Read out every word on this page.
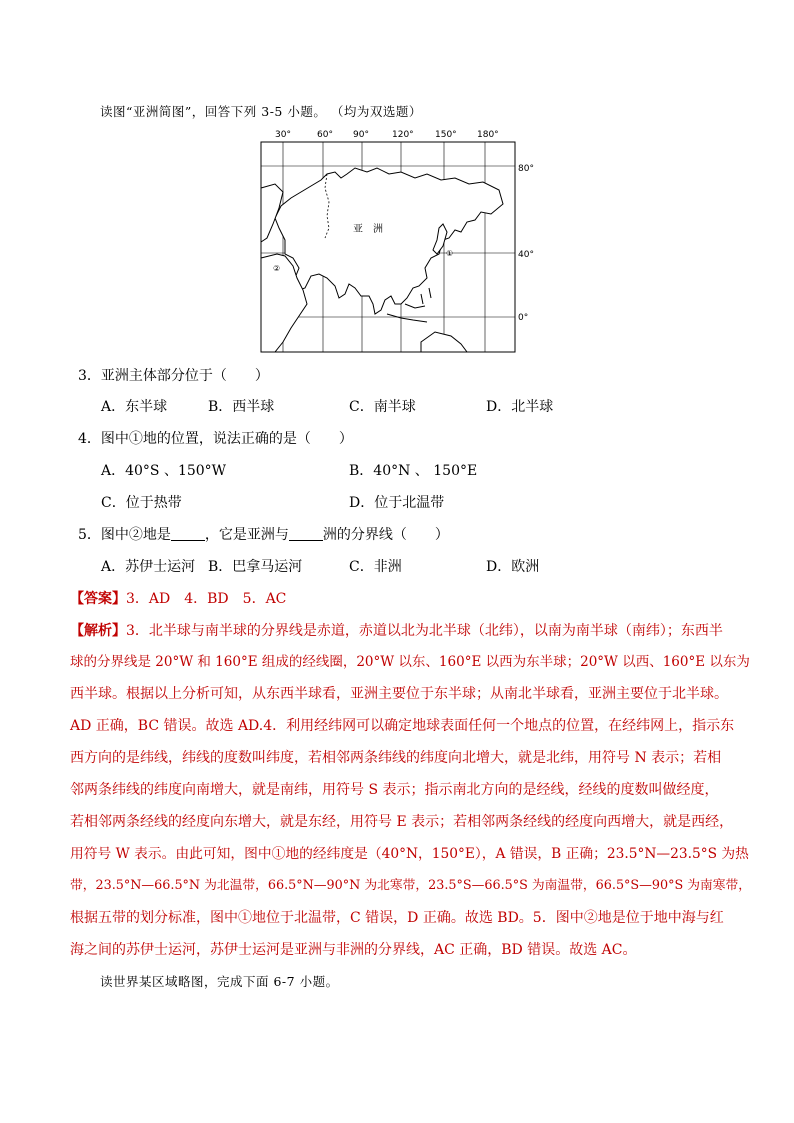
读图“亚洲简图”，回答下列 3-5 小题。 （均为双选题）
30°	60° 90°	120° 150° 180°
80°
40°
0°
亚　洲
①
②
3．亚洲主体部分位于（　　）
A．东半球	B．西半球	C．南半球	D．北半球
4．图中①地的位置，说法正确的是（　　）
A．40°S 、150°W	B．40°N 、 150°E
C．位于热带	D．位于北温带
5．图中②地是 ，它是亚洲与 洲的分界线（　　）
A．苏伊士运河 B．巴拿马运河	C．非洲	D．欧洲
【答案】3．AD　4．BD　5．AC
【解析】3．北半球与南半球的分界线是赤道，赤道以北为北半球（北纬），以南为南半球（南纬）；东西半
球的分界线是 20°W 和 160°E 组成的经线圈，20°W 以东、160°E 以西为东半球；20°W 以西、160°E 以东为
西半球。根据以上分析可知，从东西半球看，亚洲主要位于东半球；从南北半球看，亚洲主要位于北半球。
AD 正确，BC 错误。故选 AD.4．利用经纬网可以确定地球表面任何一个地点的位置，在经纬网上，指示东
西方向的是纬线，纬线的度数叫纬度，若相邻两条纬线的纬度向北增大，就是北纬，用符号 N 表示；若相
邻两条纬线的纬度向南增大，就是南纬，用符号 S 表示；指示南北方向的是经线，经线的度数叫做经度，
若相邻两条经线的经度向东增大，就是东经，用符号 E 表示；若相邻两条经线的经度向西增大，就是西经，
用符号 W 表示。由此可知，图中①地的经纬度是（40°N，150°E），A 错误，B 正确；23.5°N—23.5°S 为热
带，23.5°N—66.5°N 为北温带，66.5°N—90°N 为北寒带，23.5°S—66.5°S 为南温带，66.5°S—90°S 为南寒带，
根据五带的划分标准，图中①地位于北温带，C 错误，D 正确。故选 BD。5．图中②地是位于地中海与红
海之间的苏伊士运河，苏伊士运河是亚洲与非洲的分界线，AC 正确，BD 错误。故选 AC。
读世界某区域略图，完成下面 6-7 小题。
